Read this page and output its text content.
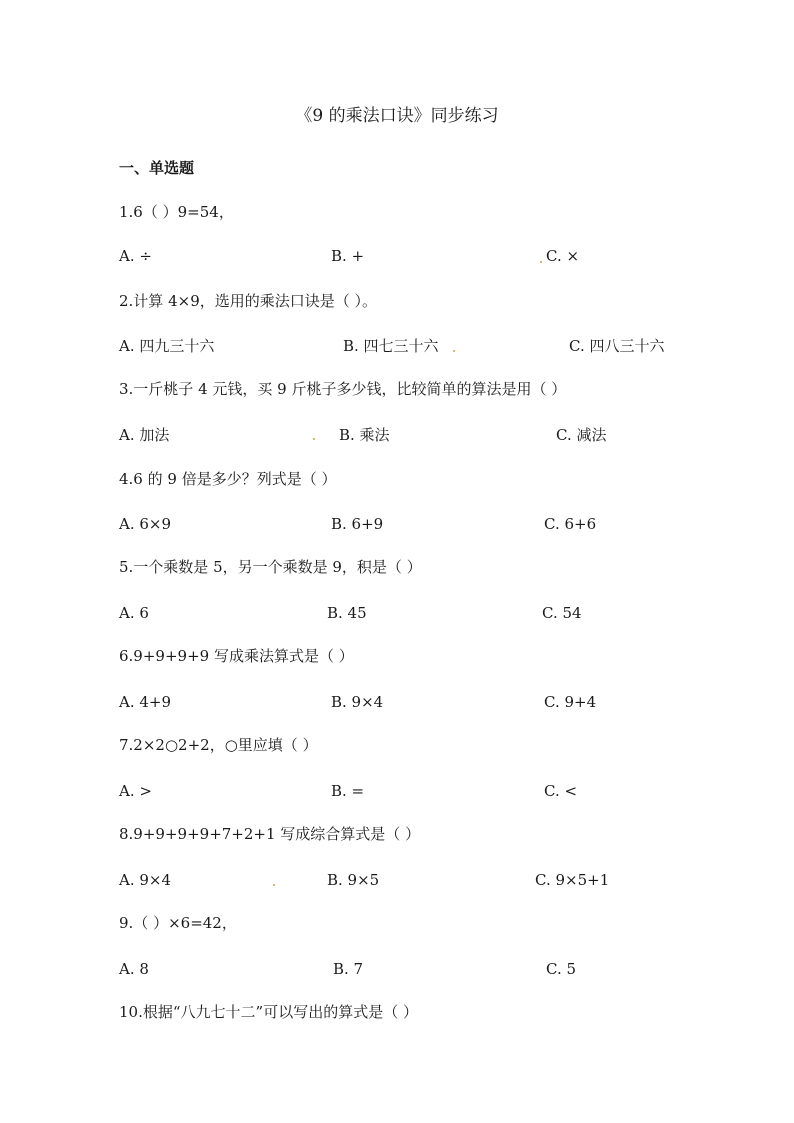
《9 的乘法口诀》同步练习
一、单选题
1.6（ ）9=54，
A. ÷	B. +	C. ×
2.计算 4×9，选用的乘法口诀是（ ）。
A. 四九三十六	B. 四七三十六	C. 四八三十六
3.一斤桃子 4 元钱，买 9 斤桃子多少钱，比较简单的算法是用（ ）
A. 加法	B. 乘法	C. 减法
4.6 的 9 倍是多少？列式是（ ）
A. 6×9	B. 6+9	C. 6+6
5.一个乘数是 5，另一个乘数是 9，积是（ ）
A. 6	B. 45	C. 54
6.9+9+9+9 写成乘法算式是（ ）
A. 4+9	B. 9×4	C. 9+4
7.2×2○2+2，○里应填（ ）
A. >	B. =	C. <
8.9+9+9+9+7+2+1 写成综合算式是（ ）
A. 9×4	B. 9×5	C. 9×5+1
9.（ ）×6=42，
A. 8	B. 7	C. 5
10.根据“八九七十二”可以写出的算式是（ ）
